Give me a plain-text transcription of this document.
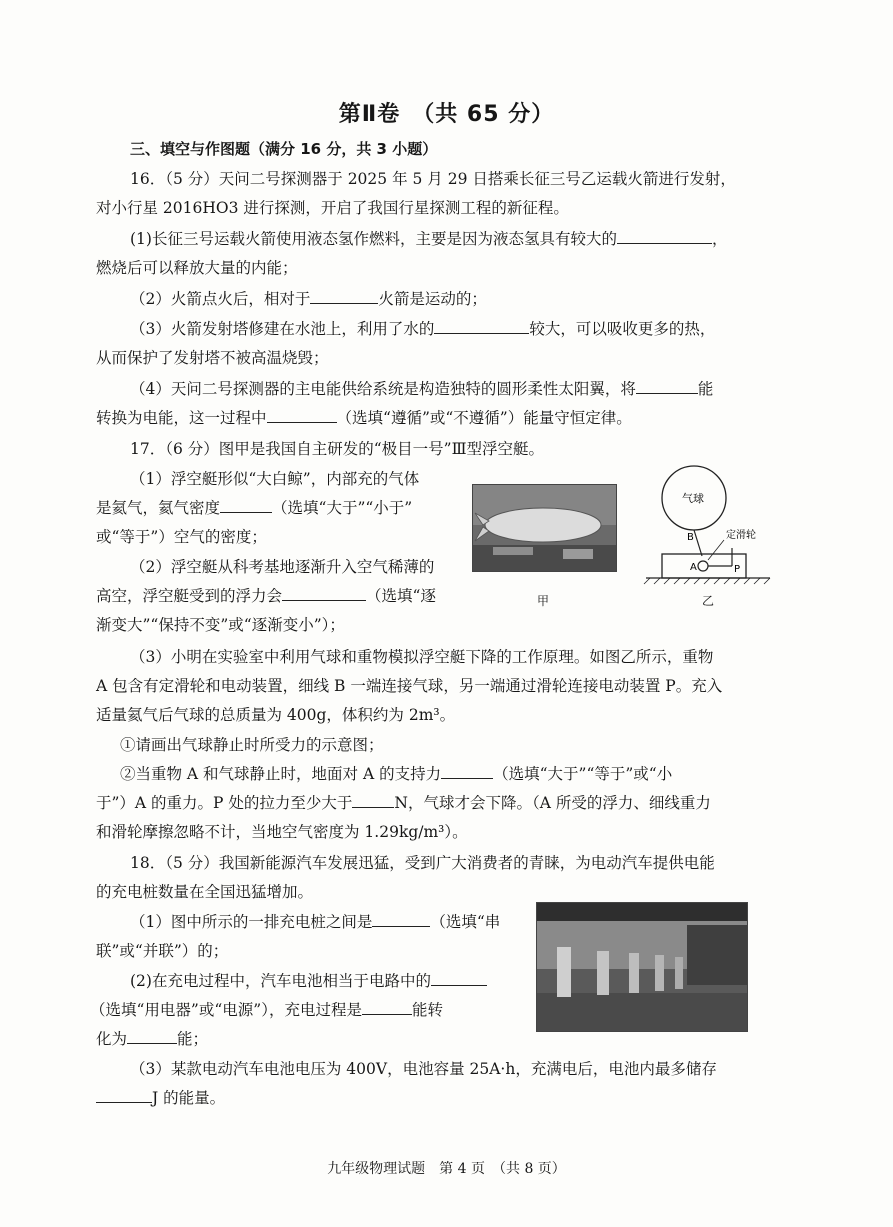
第Ⅱ卷　（共 65 分）
三、填空与作图题（满分 16 分，共 3 小题）
16．（5 分）天问二号探测器于 2025 年 5 月 29 日搭乘长征三号乙运载火箭进行发射，
对小行星 2016HO3 进行探测，开启了我国行星探测工程的新征程。
(1)长征三号运载火箭使用液态氢作燃料，主要是因为液态氢具有较大的	，
燃烧后可以释放大量的内能；
（2）火箭点火后，相对于	火箭是运动的；
（3）火箭发射塔修建在水池上，利用了水的	较大，可以吸收更多的热，
从而保护了发射塔不被高温烧毁；
（4）天问二号探测器的主电能供给系统是构造独特的圆形柔性太阳翼，将	能
转换为电能，这一过程中	（选填“遵循”或“不遵循”）能量守恒定律。
17．（6 分）图甲是我国自主研发的“极目一号”Ⅲ型浮空艇。
（1）浮空艇形似“大白鲸”，内部充的气体
是氦气，氦气密度	（选填“大于”“小于”
或“等于”）空气的密度；
（2）浮空艇从科考基地逐渐升入空气稀薄的
高空，浮空艇受到的浮力会	（选填“逐
渐变大”“保持不变”或“逐渐变小”）；
甲
气球
定滑轮
B
A	P
乙
（3）小明在实验室中利用气球和重物模拟浮空艇下降的工作原理。如图乙所示，重物
A 包含有定滑轮和电动装置，细线 B 一端连接气球，另一端通过滑轮连接电动装置 P。充入
适量氦气后气球的总质量为 400g，体积约为 2m³。
①请画出气球静止时所受力的示意图；
②当重物 A 和气球静止时，地面对 A 的支持力	（选填“大于”“等于”或“小
于”）A 的重力。P 处的拉力至少大于	N，气球才会下降。（A 所受的浮力、细线重力
和滑轮摩擦忽略不计，当地空气密度为 1.29kg/m³）。
18．（5 分）我国新能源汽车发展迅猛，受到广大消费者的青睐，为电动汽车提供电能
的充电桩数量在全国迅猛增加。
（1）图中所示的一排充电桩之间是	（选填“串
联”或“并联”）的；
(2)在充电过程中，汽车电池相当于电路中的
（选填“用电器”或“电源”），充电过程是	能转
化为	能；
（3）某款电动汽车电池电压为 400V，电池容量 25A·h，充满电后，电池内最多储存
J 的能量。
九年级物理试题　第 4 页　（共 8 页）
